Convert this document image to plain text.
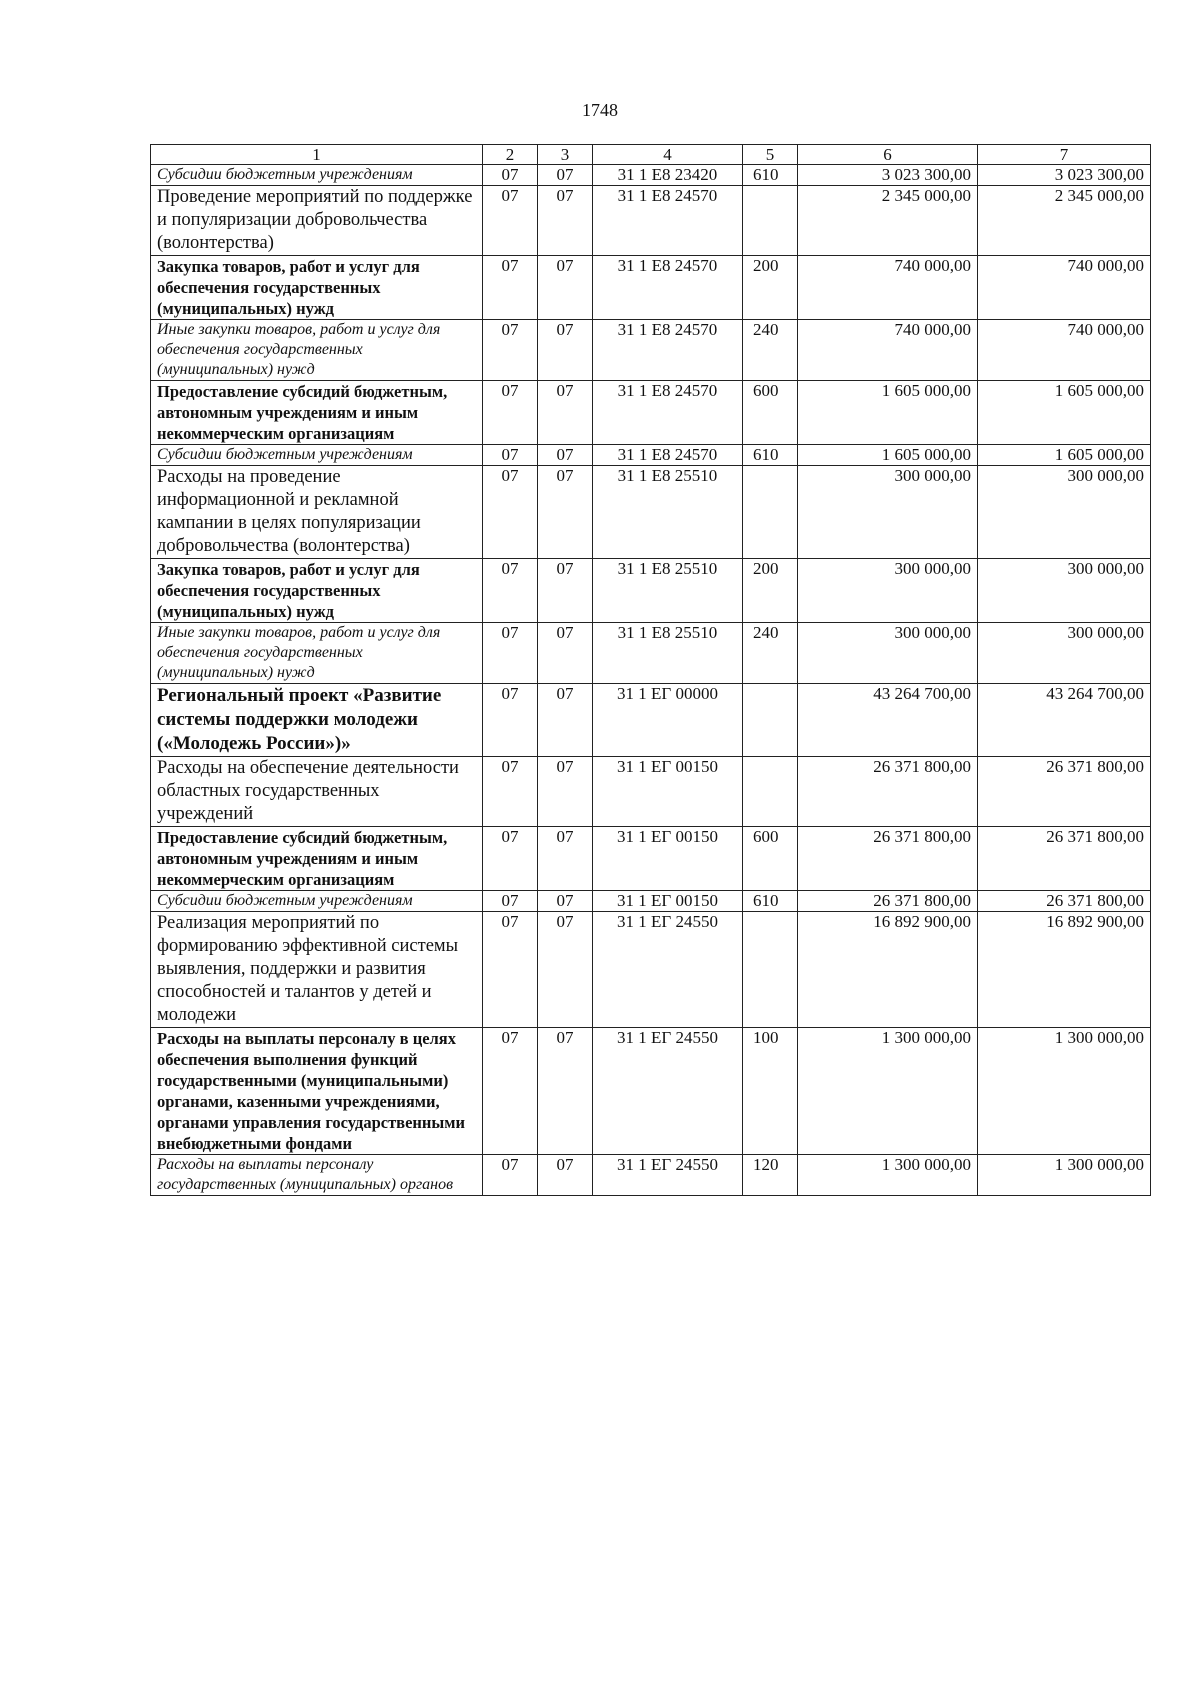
1748
1	2	3	4	5	6	7
Субсидии бюджетным учреждениям	07	07	31 1 E8 23420	610	3 023 300,00	3 023 300,00
Проведение мероприятий по поддержке и популяризации добровольчества (волонтерства)	07	07	31 1 E8 24570		2 345 000,00	2 345 000,00
Закупка товаров, работ и услуг для обеспечения государственных (муниципальных) нужд	07	07	31 1 E8 24570	200	740 000,00	740 000,00
Иные закупки товаров, работ и услуг для обеспечения государственных (муниципальных) нужд	07	07	31 1 E8 24570	240	740 000,00	740 000,00
Предоставление субсидий бюджетным, автономным учреждениям и иным некоммерческим организациям	07	07	31 1 E8 24570	600	1 605 000,00	1 605 000,00
Субсидии бюджетным учреждениям	07	07	31 1 E8 24570	610	1 605 000,00	1 605 000,00
Расходы на проведение информационной и рекламной кампании в целях популяризации добровольчества (волонтерства)	07	07	31 1 E8 25510		300 000,00	300 000,00
Закупка товаров, работ и услуг для обеспечения государственных (муниципальных) нужд	07	07	31 1 E8 25510	200	300 000,00	300 000,00
Иные закупки товаров, работ и услуг для обеспечения государственных (муниципальных) нужд	07	07	31 1 E8 25510	240	300 000,00	300 000,00
Региональный проект «Развитие системы поддержки молодежи («Молодежь России»)»	07	07	31 1 ЕГ 00000		43 264 700,00	43 264 700,00
Расходы на обеспечение деятельности областных государственных учреждений	07	07	31 1 ЕГ 00150		26 371 800,00	26 371 800,00
Предоставление субсидий бюджетным, автономным учреждениям и иным некоммерческим организациям	07	07	31 1 ЕГ 00150	600	26 371 800,00	26 371 800,00
Субсидии бюджетным учреждениям	07	07	31 1 ЕГ 00150	610	26 371 800,00	26 371 800,00
Реализация мероприятий по формированию эффективной системы выявления, поддержки и развития способностей и талантов у детей и молодежи	07	07	31 1 ЕГ 24550		16 892 900,00	16 892 900,00
Расходы на выплаты персоналу в целях обеспечения выполнения функций государственными (муниципальными) органами, казенными учреждениями, органами управления государственными внебюджетными фондами	07	07	31 1 ЕГ 24550	100	1 300 000,00	1 300 000,00
Расходы на выплаты персоналу государственных (муниципальных) органов	07	07	31 1 ЕГ 24550	120	1 300 000,00	1 300 000,00
